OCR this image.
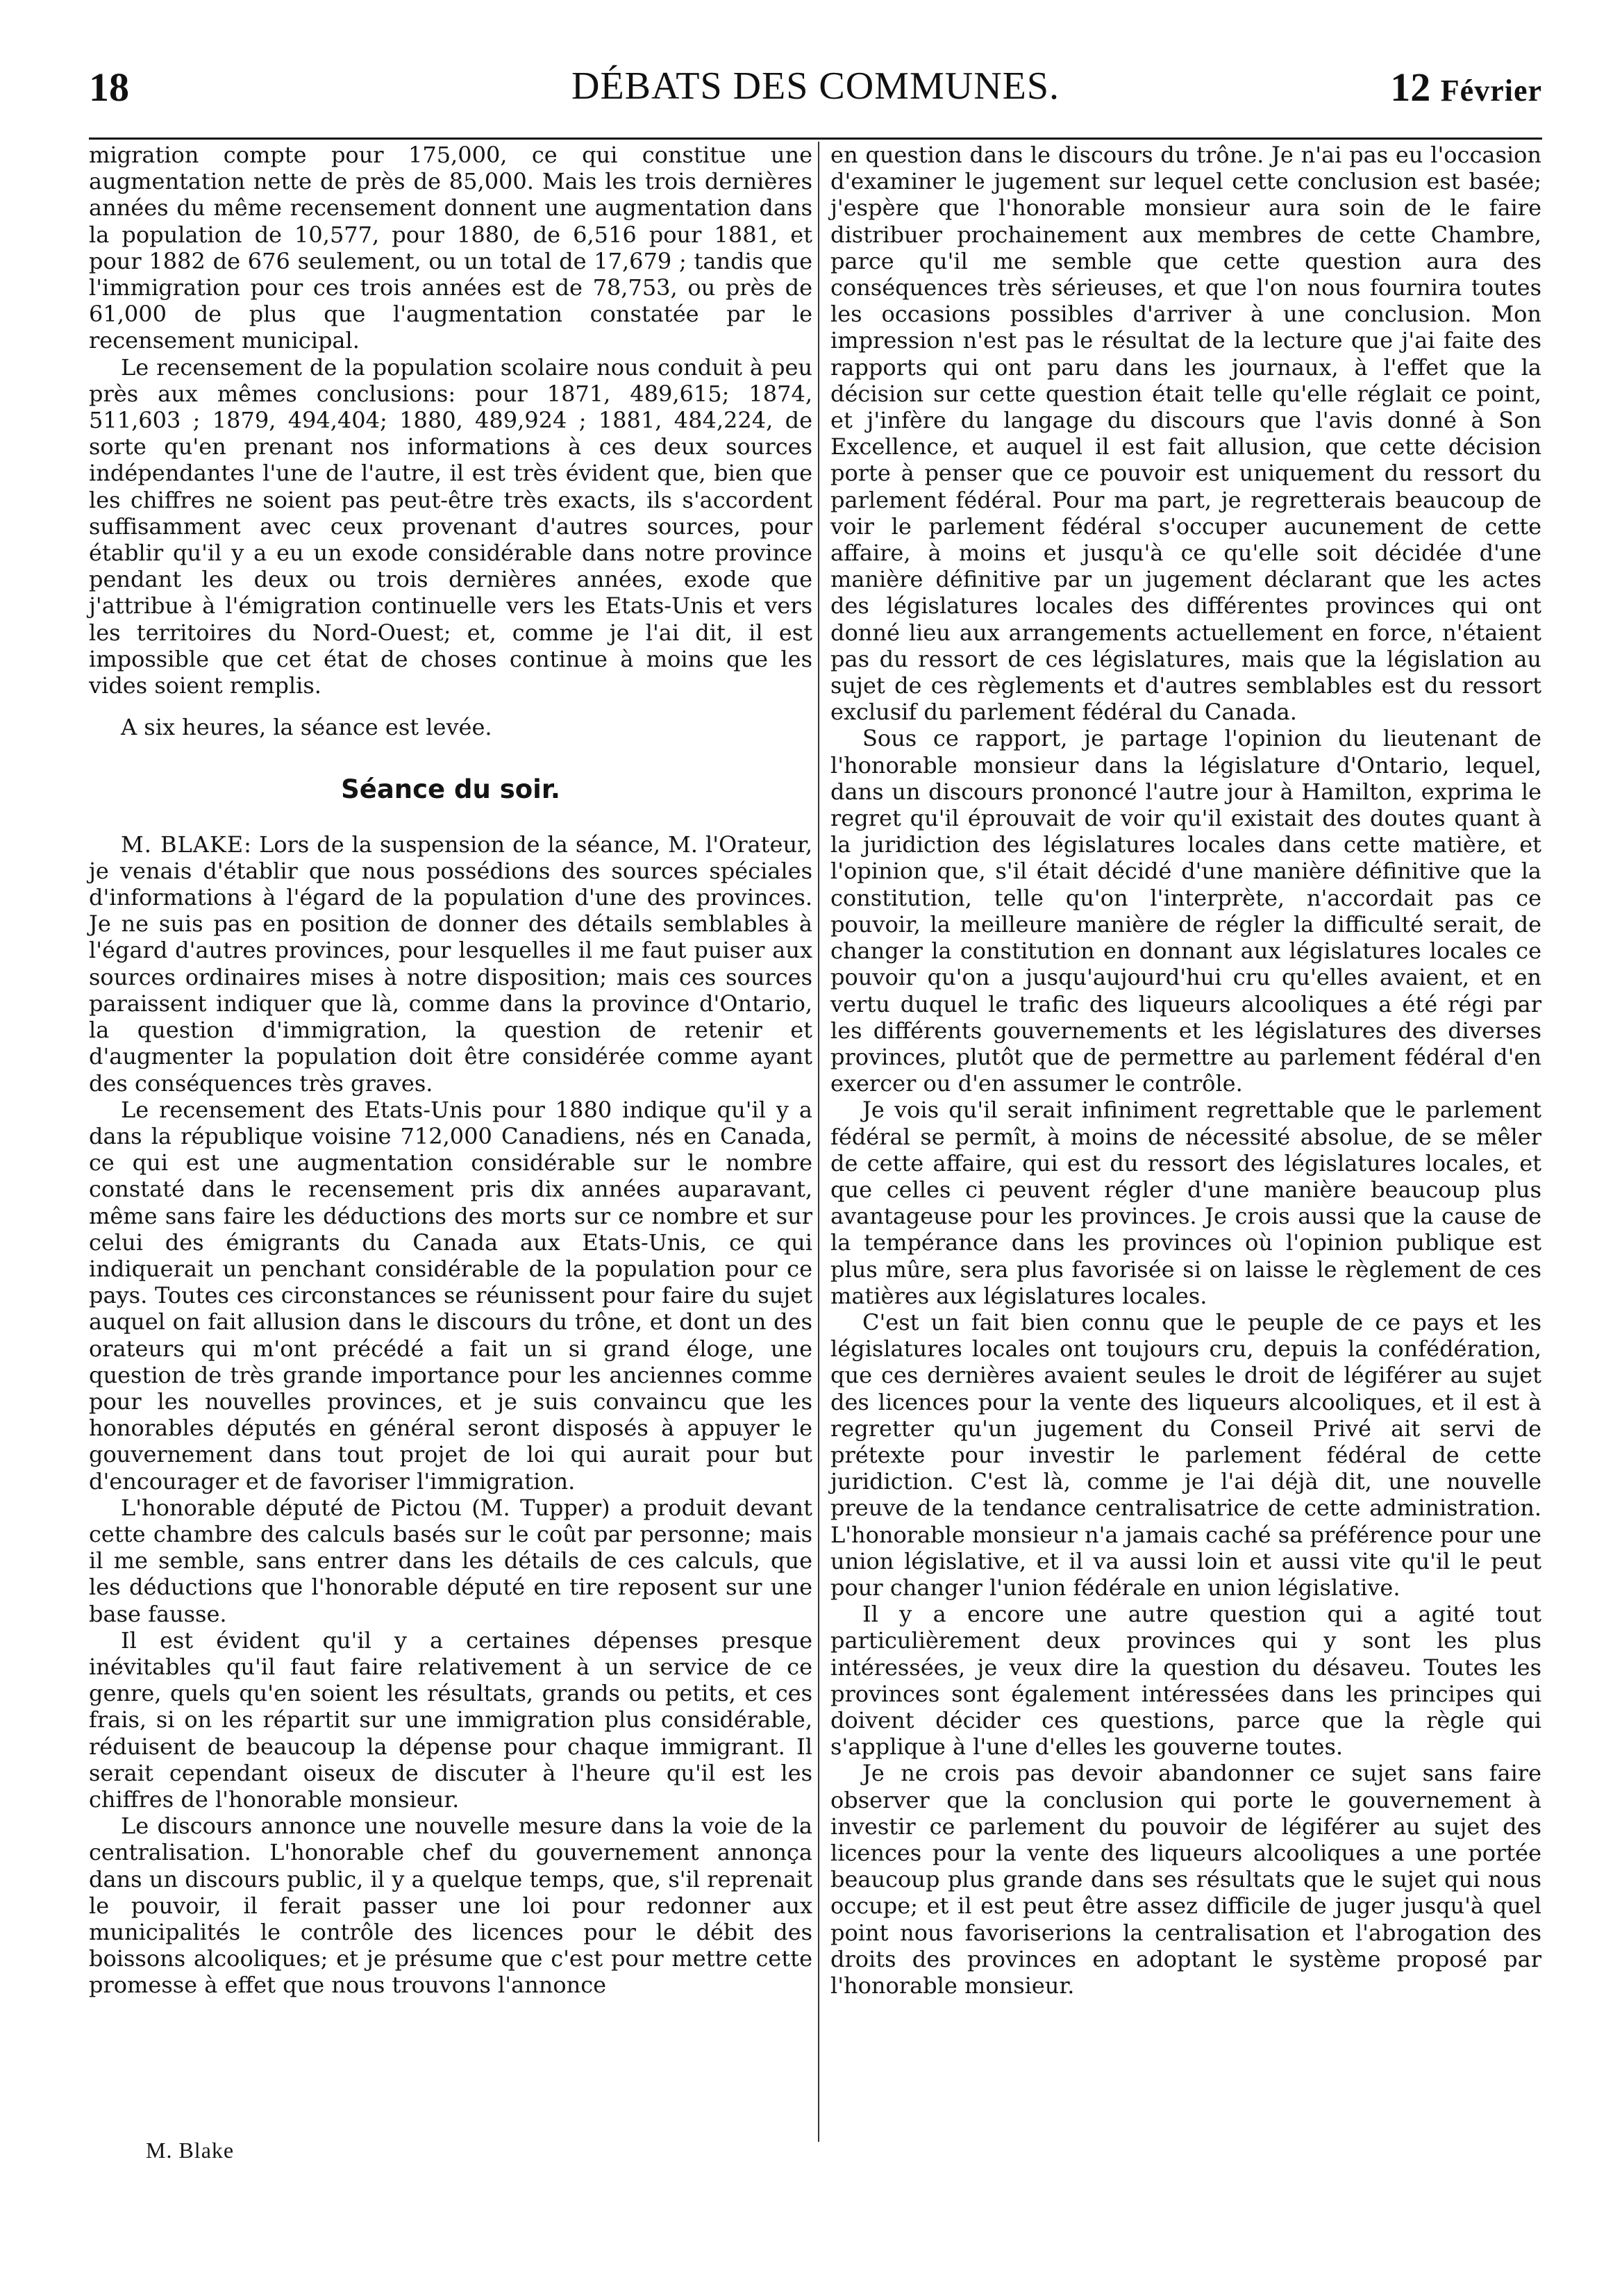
18	DÉBATS DES COMMUNES.	12 Février

migration compte pour 175,000, ce qui constitue une augmentation nette de près de 85,000. Mais les trois dernières années du même recensement donnent une augmentation dans la population de 10,577, pour 1880, de 6,516 pour 1881, et pour 1882 de 676 seulement, ou un total de 17,679 ; tandis que l'immigration pour ces trois années est de 78,753, ou près de 61,000 de plus que l'augmentation constatée par le recensement municipal.

Le recensement de la population scolaire nous conduit à peu près aux mêmes conclusions: pour 1871, 489,615; 1874, 511,603 ; 1879, 494,404; 1880, 489,924 ; 1881, 484,224, de sorte qu'en prenant nos informations à ces deux sources indépendantes l'une de l'autre, il est très évident que, bien que les chiffres ne soient pas peut-être très exacts, ils s'accordent suffisamment avec ceux provenant d'autres sources, pour établir qu'il y a eu un exode considérable dans notre province pendant les deux ou trois dernières années, exode que j'attribue à l'émigration continuelle vers les Etats-Unis et vers les territoires du Nord-Ouest; et, comme je l'ai dit, il est impossible que cet état de choses continue à moins que les vides soient remplis.

A six heures, la séance est levée.

Séance du soir.

M. BLAKE: Lors de la suspension de la séance, M. l'Orateur, je venais d'établir que nous possédions des sources spéciales d'informations à l'égard de la population d'une des provinces. Je ne suis pas en position de donner des détails semblables à l'égard d'autres provinces, pour lesquelles il me faut puiser aux sources ordinaires mises à notre disposition; mais ces sources paraissent indiquer que là, comme dans la province d'Ontario, la question d'immigration, la question de retenir et d'augmenter la population doit être considérée comme ayant des conséquences très graves.

Le recensement des Etats-Unis pour 1880 indique qu'il y a dans la république voisine 712,000 Canadiens, nés en Canada, ce qui est une augmentation considérable sur le nombre constaté dans le recensement pris dix années auparavant, même sans faire les déductions des morts sur ce nombre et sur celui des émigrants du Canada aux Etats-Unis, ce qui indiquerait un penchant considérable de la population pour ce pays. Toutes ces circonstances se réunissent pour faire du sujet auquel on fait allusion dans le discours du trône, et dont un des orateurs qui m'ont précédé a fait un si grand éloge, une question de très grande importance pour les anciennes comme pour les nouvelles provinces, et je suis convaincu que les honorables députés en général seront disposés à appuyer le gouvernement dans tout projet de loi qui aurait pour but d'encourager et de favoriser l'immigration.

L'honorable député de Pictou (M. Tupper) a produit devant cette chambre des calculs basés sur le coût par personne; mais il me semble, sans entrer dans les détails de ces calculs, que les déductions que l'honorable député en tire reposent sur une base fausse.

Il est évident qu'il y a certaines dépenses presque inévitables qu'il faut faire relativement à un service de ce genre, quels qu'en soient les résultats, grands ou petits, et ces frais, si on les répartit sur une immigration plus considérable, réduisent de beaucoup la dépense pour chaque immigrant. Il serait cependant oiseux de discuter à l'heure qu'il est les chiffres de l'honorable monsieur.

Le discours annonce une nouvelle mesure dans la voie de la centralisation. L'honorable chef du gouvernement annonça dans un discours public, il y a quelque temps, que, s'il reprenait le pouvoir, il ferait passer une loi pour redonner aux municipalités le contrôle des licences pour le débit des boissons alcooliques; et je présume que c'est pour mettre cette promesse à effet que nous trouvons l'annonce

en question dans le discours du trône. Je n'ai pas eu l'occasion d'examiner le jugement sur lequel cette conclusion est basée; j'espère que l'honorable monsieur aura soin de le faire distribuer prochainement aux membres de cette Chambre, parce qu'il me semble que cette question aura des conséquences très sérieuses, et que l'on nous fournira toutes les occasions possibles d'arriver à une conclusion. Mon impression n'est pas le résultat de la lecture que j'ai faite des rapports qui ont paru dans les journaux, à l'effet que la décision sur cette question était telle qu'elle réglait ce point, et j'infère du langage du discours que l'avis donné à Son Excellence, et auquel il est fait allusion, que cette décision porte à penser que ce pouvoir est uniquement du ressort du parlement fédéral. Pour ma part, je regretterais beaucoup de voir le parlement fédéral s'occuper aucunement de cette affaire, à moins et jusqu'à ce qu'elle soit décidée d'une manière définitive par un jugement déclarant que les actes des législatures locales des différentes provinces qui ont donné lieu aux arrangements actuellement en force, n'étaient pas du ressort de ces législatures, mais que la législation au sujet de ces règlements et d'autres semblables est du ressort exclusif du parlement fédéral du Canada.

Sous ce rapport, je partage l'opinion du lieutenant de l'honorable monsieur dans la législature d'Ontario, lequel, dans un discours prononcé l'autre jour à Hamilton, exprima le regret qu'il éprouvait de voir qu'il existait des doutes quant à la juridiction des législatures locales dans cette matière, et l'opinion que, s'il était décidé d'une manière définitive que la constitution, telle qu'on l'interprète, n'accordait pas ce pouvoir, la meilleure manière de régler la difficulté serait, de changer la constitution en donnant aux législatures locales ce pouvoir qu'on a jusqu'aujourd'hui cru qu'elles avaient, et en vertu duquel le trafic des liqueurs alcooliques a été régi par les différents gouvernements et les législatures des diverses provinces, plutôt que de permettre au parlement fédéral d'en exercer ou d'en assumer le contrôle.

Je vois qu'il serait infiniment regrettable que le parlement fédéral se permît, à moins de nécessité absolue, de se mêler de cette affaire, qui est du ressort des législatures locales, et que celles ci peuvent régler d'une manière beaucoup plus avantageuse pour les provinces. Je crois aussi que la cause de la tempérance dans les provinces où l'opinion publique est plus mûre, sera plus favorisée si on laisse le règlement de ces matières aux législatures locales.

C'est un fait bien connu que le peuple de ce pays et les législatures locales ont toujours cru, depuis la confédération, que ces dernières avaient seules le droit de légiférer au sujet des licences pour la vente des liqueurs alcooliques, et il est à regretter qu'un jugement du Conseil Privé ait servi de prétexte pour investir le parlement fédéral de cette juridiction. C'est là, comme je l'ai déjà dit, une nouvelle preuve de la tendance centralisatrice de cette administration. L'honorable monsieur n'a jamais caché sa préférence pour une union législative, et il va aussi loin et aussi vite qu'il le peut pour changer l'union fédérale en union législative.

Il y a encore une autre question qui a agité tout particulièrement deux provinces qui y sont les plus intéressées, je veux dire la question du désaveu. Toutes les provinces sont également intéressées dans les principes qui doivent décider ces questions, parce que la règle qui s'applique à l'une d'elles les gouverne toutes.

Je ne crois pas devoir abandonner ce sujet sans faire observer que la conclusion qui porte le gouvernement à investir ce parlement du pouvoir de légiférer au sujet des licences pour la vente des liqueurs alcooliques a une portée beaucoup plus grande dans ses résultats que le sujet qui nous occupe; et il est peut être assez difficile de juger jusqu'à quel point nous favoriserions la centralisation et l'abrogation des droits des provinces en adoptant le système proposé par l'honorable monsieur.

M. Blake
